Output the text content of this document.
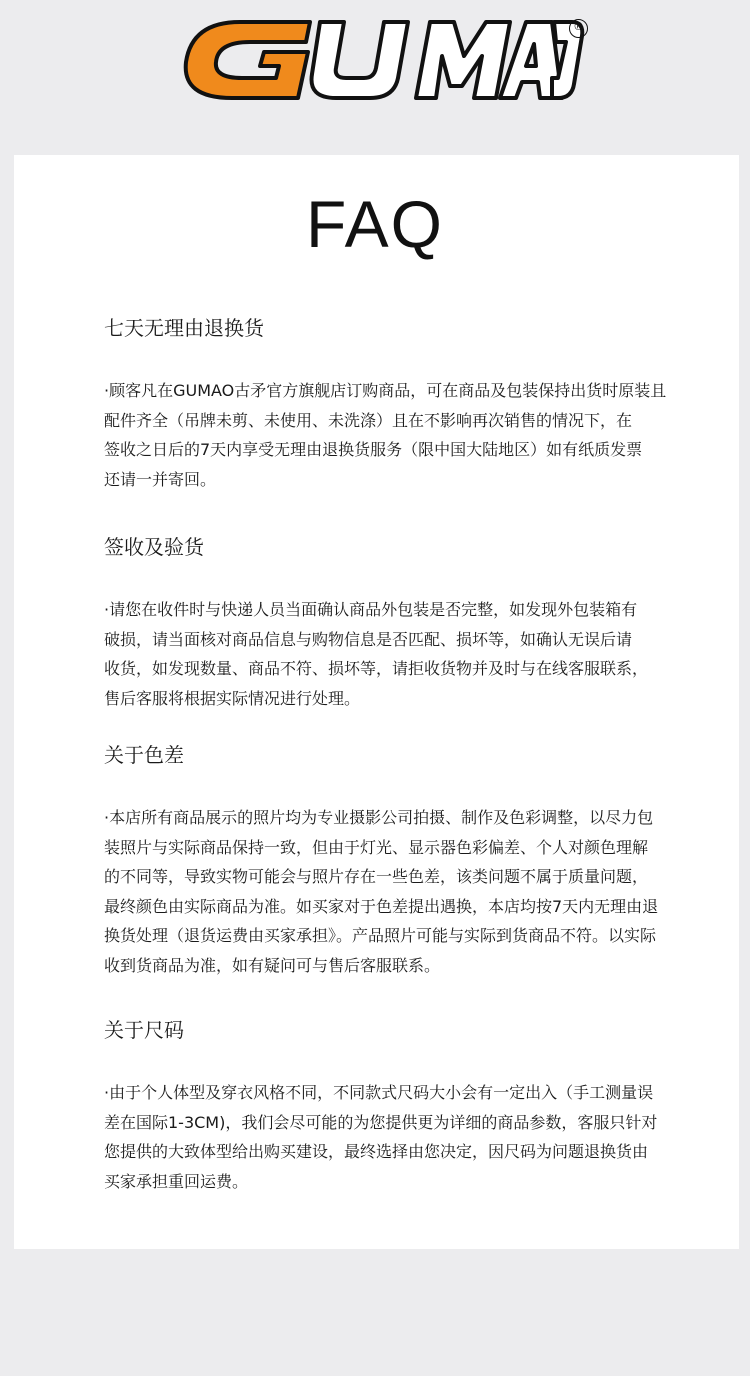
®
FAQ
七天无理由退换货

·顾客凡在GUMAO古矛官方旗舰店订购商品，可在商品及包装保持出货时原装且
配件齐全（吊牌未剪、未使用、未洗涤）且在不影响再次销售的情况下，在
签收之日后的7天内享受无理由退换货服务（限中国大陆地区）如有纸质发票
还请一并寄回。

签收及验货

·请您在收件时与快递人员当面确认商品外包装是否完整，如发现外包装箱有
破损，请当面核对商品信息与购物信息是否匹配、损坏等，如确认无误后请
收货，如发现数量、商品不符、损坏等，请拒收货物并及时与在线客服联系，
售后客服将根据实际情况进行处理。

关于色差

·本店所有商品展示的照片均为专业摄影公司拍摄、制作及色彩调整，以尽力包
装照片与实际商品保持一致，但由于灯光、显示器色彩偏差、个人对颜色理解
的不同等，导致实物可能会与照片存在一些色差，该类问题不属于质量问题，
最终颜色由实际商品为准。如买家对于色差提出遇换，本店均按7天内无理由退
换货处理（退货运费由买家承担》。产品照片可能与实际到货商品不符。以实际
收到货商品为准，如有疑问可与售后客服联系。

关于尺码

·由于个人体型及穿衣风格不同，不同款式尺码大小会有一定出入（手工测量误
差在国际1-3CM)，我们会尽可能的为您提供更为详细的商品参数，客服只针对
您提供的大致体型给出购买建设，最终选择由您决定，因尺码为问题退换货由
买家承担重回运费。
